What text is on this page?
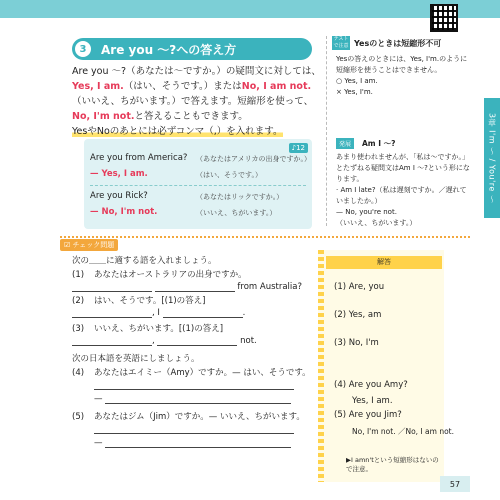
3章 I'm 〜 / You're 〜
3	Are you 〜?への答え方
Are you 〜?（あなたは〜ですか。）の疑問文に対しては、Yes, I am.（はい、そうです。）またはNo, I am not.（いいえ、ちがいます。）で答えます。短縮形を使って、No, I'm not.と答えることもできます。
YesやNoのあとには必ずコンマ（,）を入れます。
♪12
Are you from America? （あなたはアメリカの出身ですか。）
— Yes, I am.	（はい、そうです。）
Are you Rick?	（あなたはリックですか。）
— No, I'm not.	（いいえ、ちがいます。）
テストで注意 Yesのときは短縮形不可
Yesの答えのときには、Yes, I'm.のように短縮形を使うことはできません。
○ Yes, I am.
× Yes, I'm.
発展	Am I 〜?
あまり使われませんが、「私は〜ですか。」とたずねる疑問文はAm I 〜?という形になります。
· Am I late?（私は遅刻ですか。／遅れていましたか。）
— No, you're not.
（いいえ、ちがいます。）
☑ チェック問題
次の＿＿に適する語を入れましょう。
(1) あなたはオーストラリアの出身ですか。
from Australia?
(2) はい、そうです。[(1)の答え]
, I	.
(3) いいえ、ちがいます。[(1)の答え]
,	not.
次の日本語を英語にしましょう。
(4) あなたはエイミー（Amy）ですか。— はい、そうです。
—
(5) あなたはジム（Jim）ですか。— いいえ、ちがいます。
—
解答
(1) Are, you
(2) Yes, am
(3) No, I'm
(4) Are you Amy?
Yes, I am.
(5) Are you Jim?
No, I'm not. ／No, I am not.
▶I amn'tという短縮形はないので注意。
57
